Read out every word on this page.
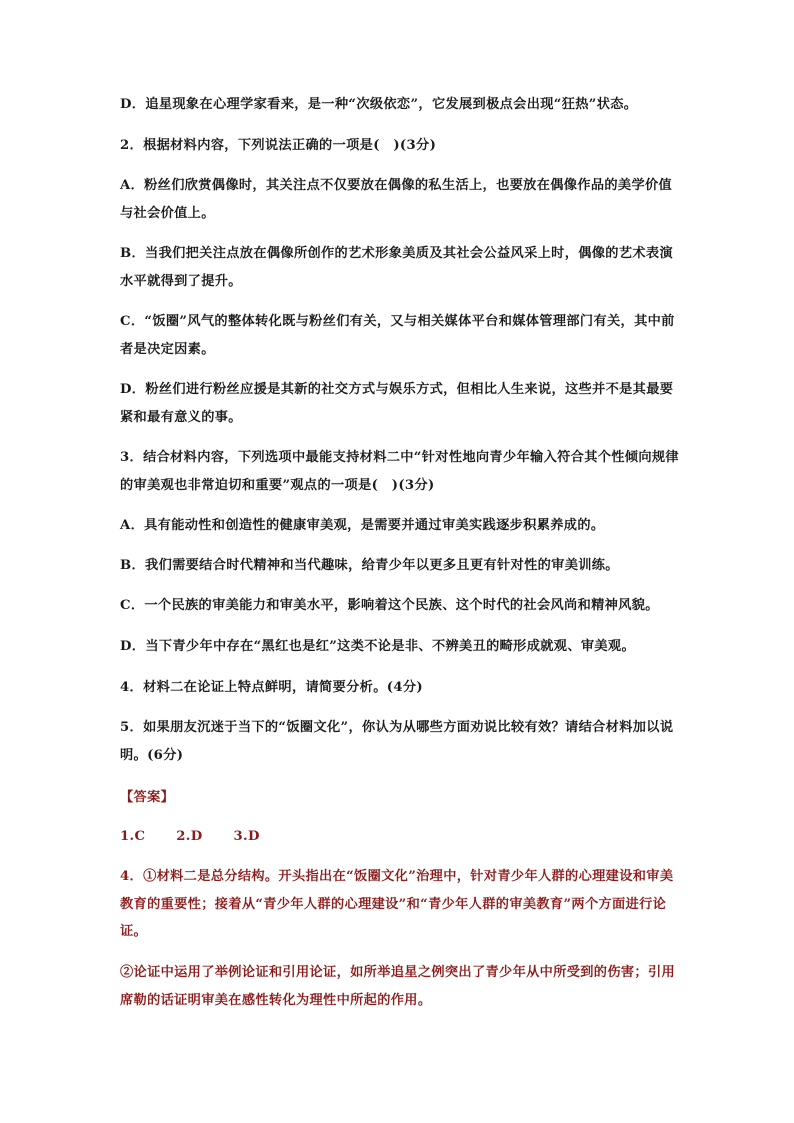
D．追星现象在心理学家看来，是一种“次级依恋”，它发展到极点会出现“狂热”状态。

2．根据材料内容，下列说法正确的一项是(　)(3分)

A．粉丝们欣赏偶像时，其关注点不仅要放在偶像的私生活上，也要放在偶像作品的美学价值与社会价值上。

B．当我们把关注点放在偶像所创作的艺术形象美质及其社会公益风采上时，偶像的艺术表演水平就得到了提升。

C．“饭圈”风气的整体转化既与粉丝们有关，又与相关媒体平台和媒体管理部门有关，其中前者是决定因素。

D．粉丝们进行粉丝应援是其新的社交方式与娱乐方式，但相比人生来说，这些并不是其最要紧和最有意义的事。

3．结合材料内容，下列选项中最能支持材料二中“针对性地向青少年输入符合其个性倾向规律的审美观也非常迫切和重要”观点的一项是(　)(3分)

A．具有能动性和创造性的健康审美观，是需要并通过审美实践逐步积累养成的。

B．我们需要结合时代精神和当代趣味，给青少年以更多且更有针对性的审美训练。

C．一个民族的审美能力和审美水平，影响着这个民族、这个时代的社会风尚和精神风貌。

D．当下青少年中存在“黑红也是红”这类不论是非、不辨美丑的畸形成就观、审美观。

4．材料二在论证上特点鲜明，请简要分析。(4分)

5．如果朋友沉迷于当下的“饭圈文化”，你认为从哪些方面劝说比较有效？请结合材料加以说明。(6分)

【答案】

1.C 2.D 3.D

4．①材料二是总分结构。开头指出在“饭圈文化”治理中，针对青少年人群的心理建设和审美教育的重要性；接着从“青少年人群的心理建设”和“青少年人群的审美教育”两个方面进行论证。

②论证中运用了举例论证和引用论证，如所举追星之例突出了青少年从中所受到的伤害；引用席勒的话证明审美在感性转化为理性中所起的作用。
